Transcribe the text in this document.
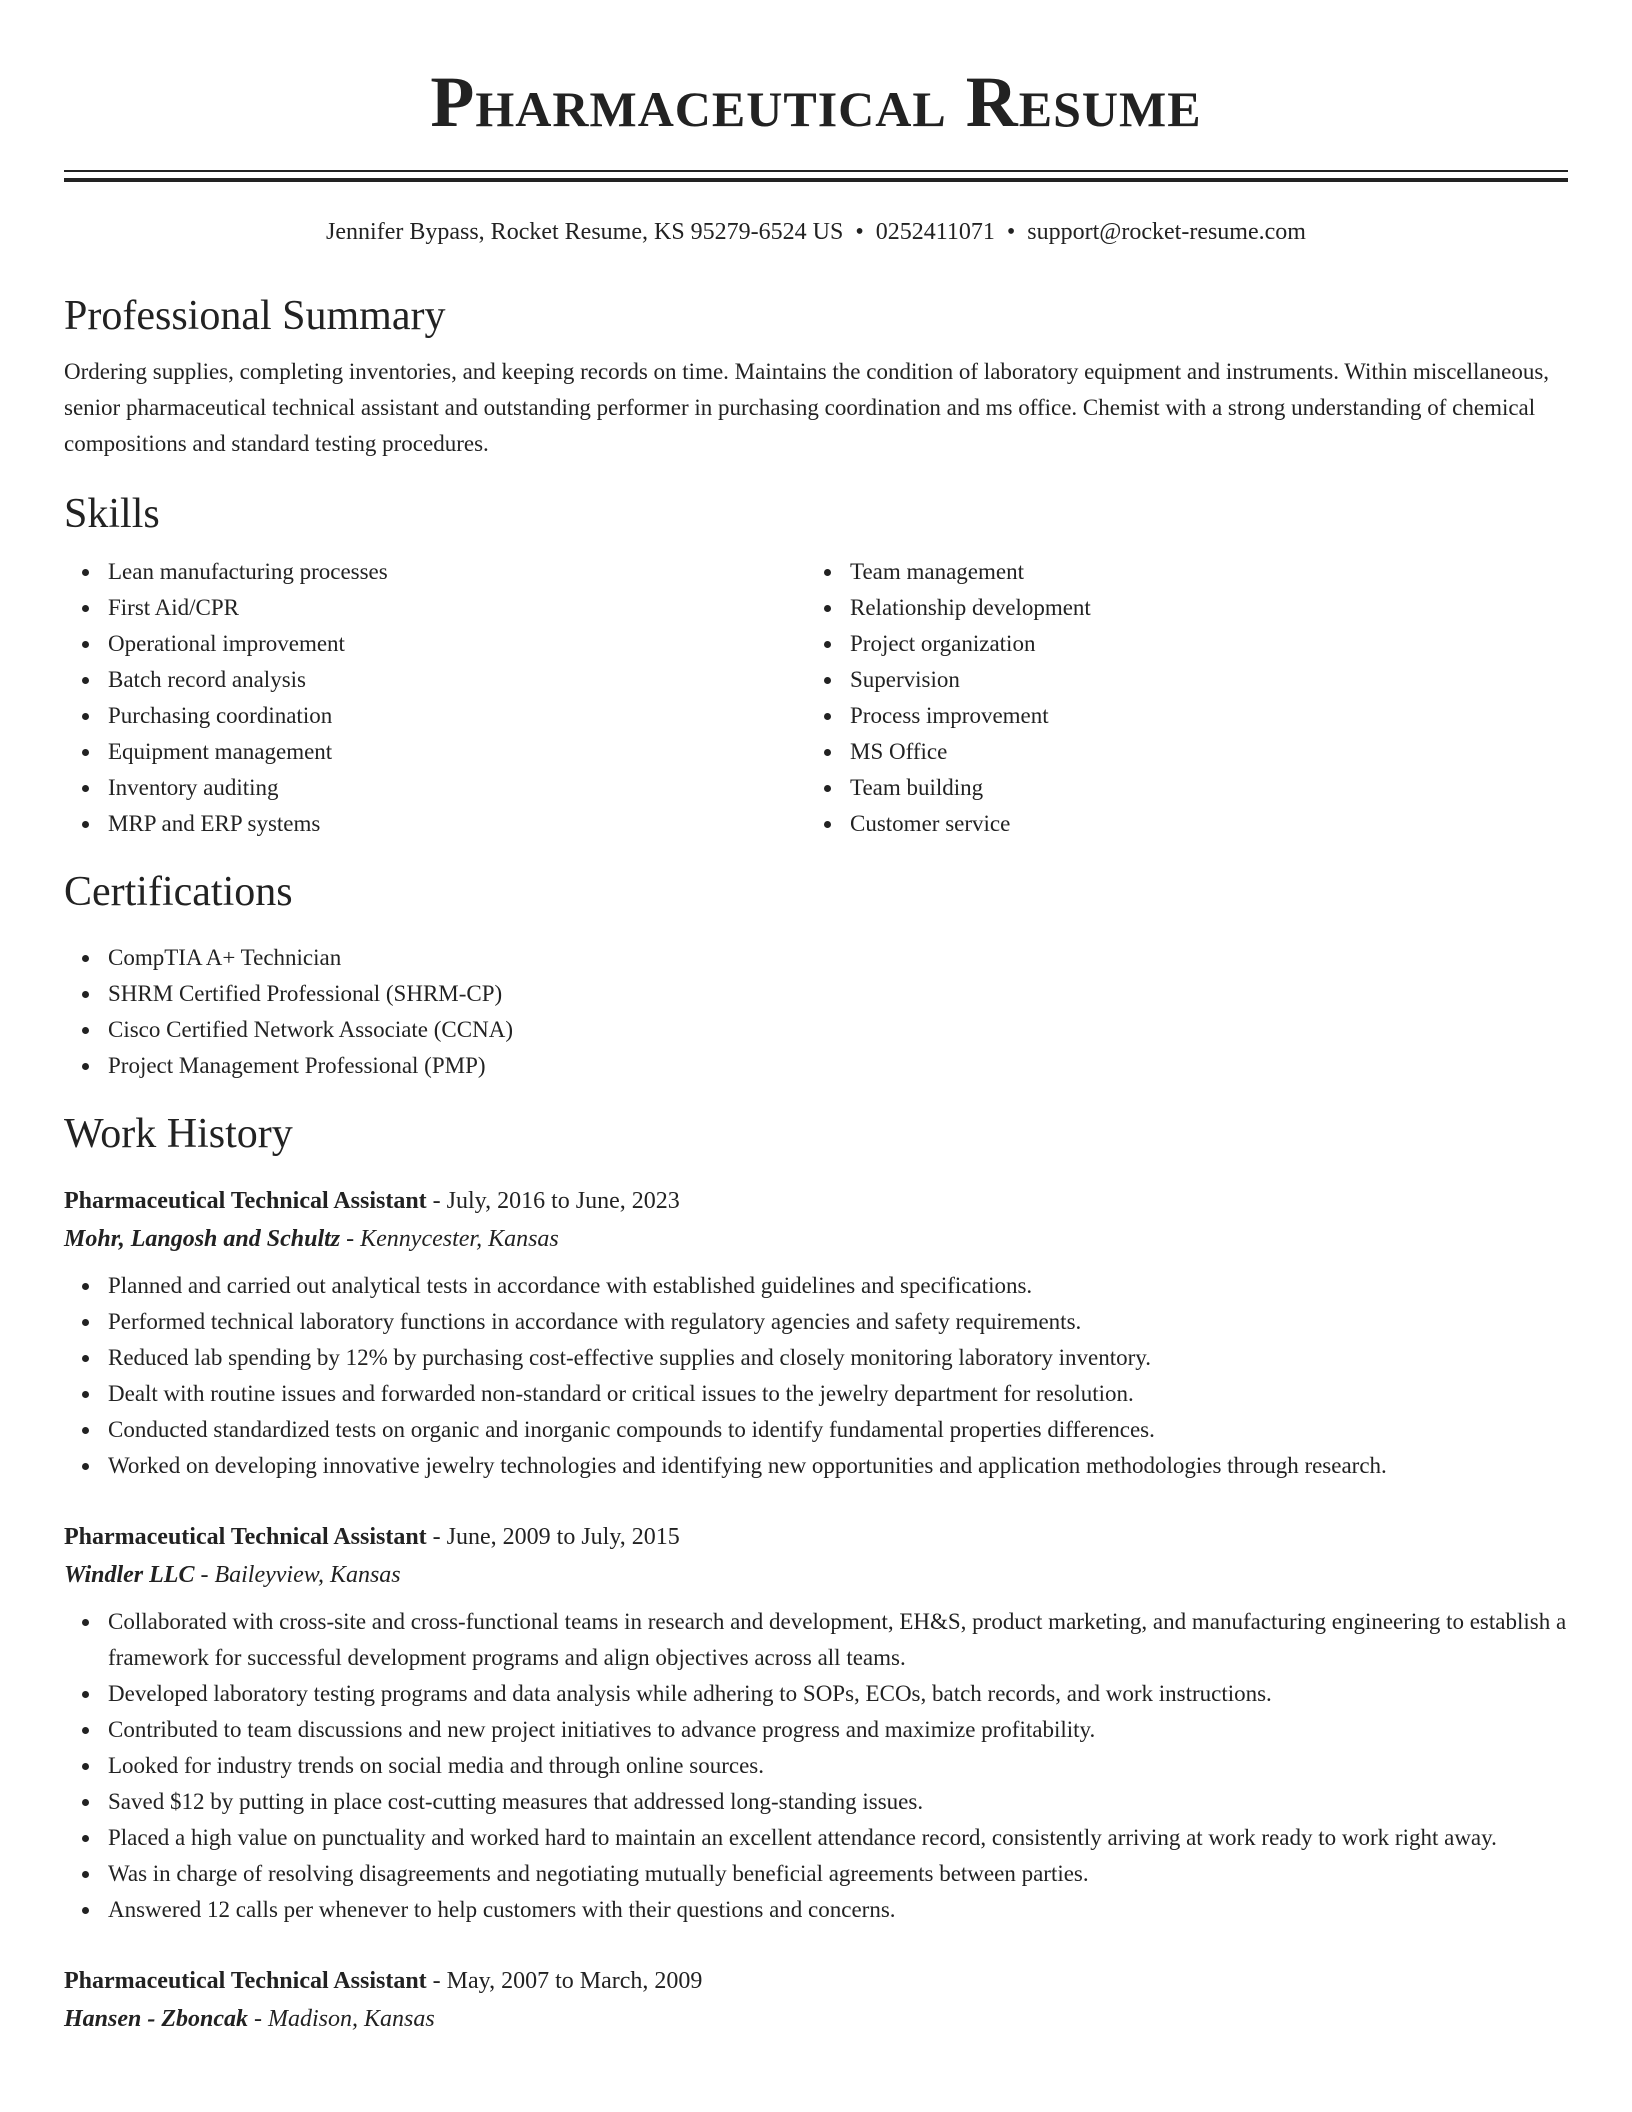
Pharmaceutical Resume
Jennifer Bypass, Rocket Resume, KS 95279-6524 US • 0252411071 • support@rocket-resume.com
Professional Summary
Ordering supplies, completing inventories, and keeping records on time. Maintains the condition of laboratory equipment and instruments. Within miscellaneous, senior pharmaceutical technical assistant and outstanding performer in purchasing coordination and ms office. Chemist with a strong understanding of chemical compositions and standard testing procedures.
Skills
Lean manufacturing processes
First Aid/CPR
Operational improvement
Batch record analysis
Purchasing coordination
Equipment management
Inventory auditing
MRP and ERP systems
Team management
Relationship development
Project organization
Supervision
Process improvement
MS Office
Team building
Customer service
Certifications
CompTIA A+ Technician
SHRM Certified Professional (SHRM-CP)
Cisco Certified Network Associate (CCNA)
Project Management Professional (PMP)
Work History
Pharmaceutical Technical Assistant - July, 2016 to June, 2023
Mohr, Langosh and Schultz - Kennycester, Kansas
Planned and carried out analytical tests in accordance with established guidelines and specifications.
Performed technical laboratory functions in accordance with regulatory agencies and safety requirements.
Reduced lab spending by 12% by purchasing cost-effective supplies and closely monitoring laboratory inventory.
Dealt with routine issues and forwarded non-standard or critical issues to the jewelry department for resolution.
Conducted standardized tests on organic and inorganic compounds to identify fundamental properties differences.
Worked on developing innovative jewelry technologies and identifying new opportunities and application methodologies through research.
Pharmaceutical Technical Assistant - June, 2009 to July, 2015
Windler LLC - Baileyview, Kansas
Collaborated with cross-site and cross-functional teams in research and development, EH&S, product marketing, and manufacturing engineering to establish a framework for successful development programs and align objectives across all teams.
Developed laboratory testing programs and data analysis while adhering to SOPs, ECOs, batch records, and work instructions.
Contributed to team discussions and new project initiatives to advance progress and maximize profitability.
Looked for industry trends on social media and through online sources.
Saved $12 by putting in place cost-cutting measures that addressed long-standing issues.
Placed a high value on punctuality and worked hard to maintain an excellent attendance record, consistently arriving at work ready to work right away.
Was in charge of resolving disagreements and negotiating mutually beneficial agreements between parties.
Answered 12 calls per whenever to help customers with their questions and concerns.
Pharmaceutical Technical Assistant - May, 2007 to March, 2009
Hansen - Zboncak - Madison, Kansas
